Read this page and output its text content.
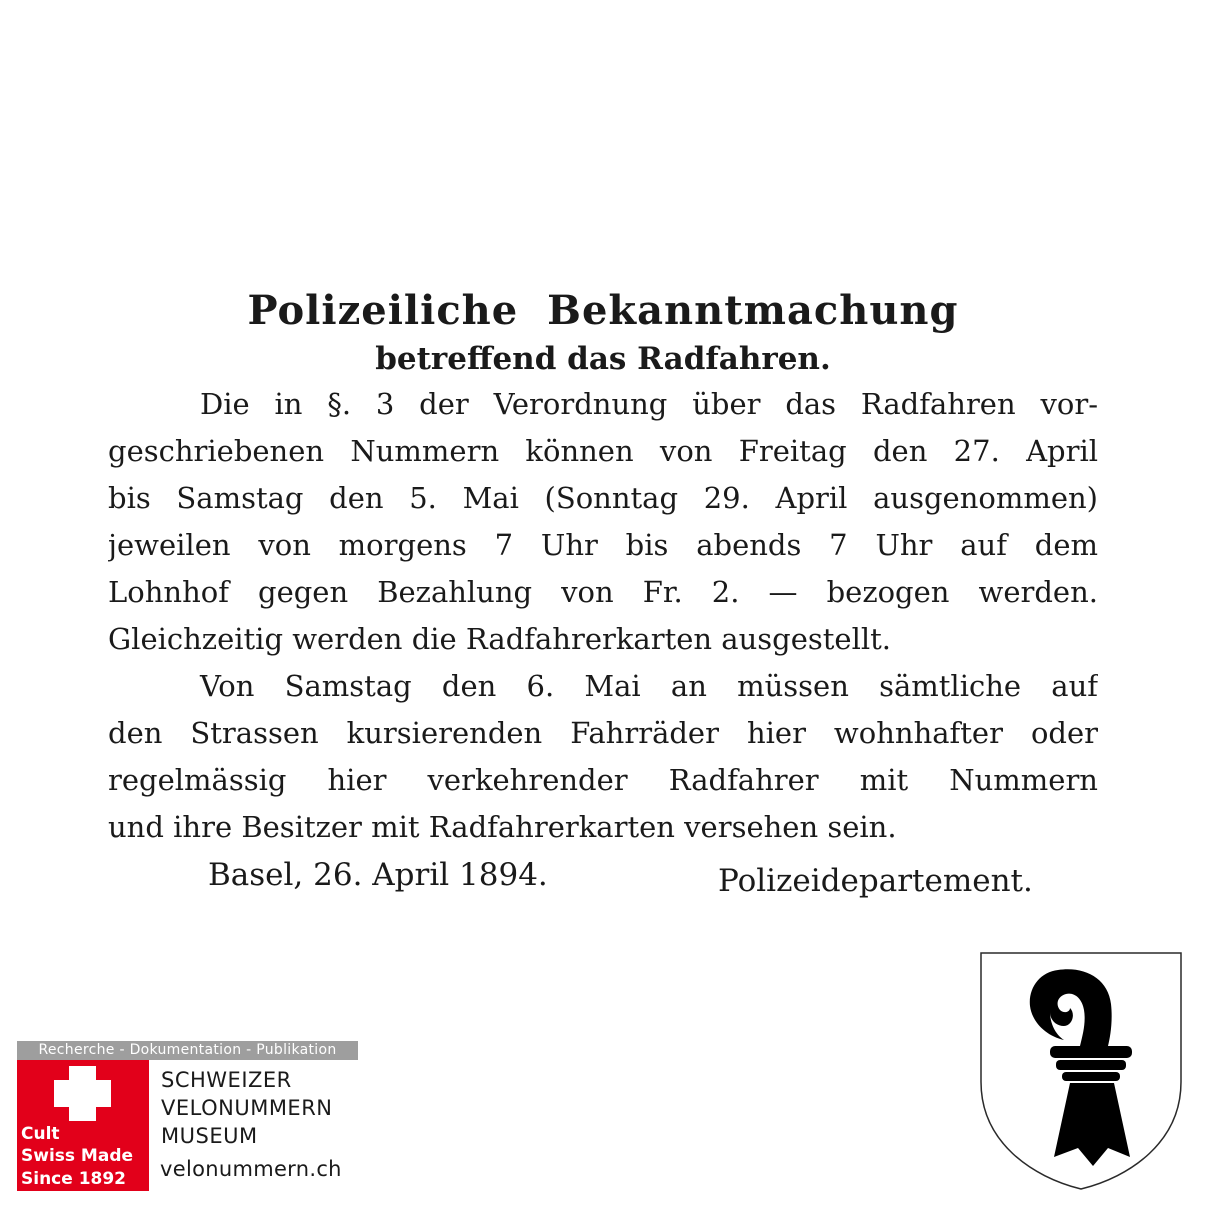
Polizeiliche Bekanntmachung
betreffend das Radfahren.
Die in §. 3 der Verordnung über das Radfahren vor-
geschriebenen Nummern können von Freitag den 27. April
bis Samstag den 5. Mai (Sonntag 29. April ausgenommen)
jeweilen von morgens 7 Uhr bis abends 7 Uhr auf dem
Lohnhof gegen Bezahlung von Fr. 2. — bezogen werden.
Gleichzeitig werden die Radfahrerkarten ausgestellt.
Von Samstag den 6. Mai an müssen sämtliche auf
den Strassen kursierenden Fahrräder hier wohnhafter oder
regelmässig hier verkehrender Radfahrer mit Nummern
und ihre Besitzer mit Radfahrerkarten versehen sein.
Basel, 26. April 1894.	Polizeidepartement.
Recherche - Dokumentation - Publikation
Cult
Swiss Made
Since 1892
SCHWEIZER
VELONUMMERN
MUSEUM
velonummern.ch
